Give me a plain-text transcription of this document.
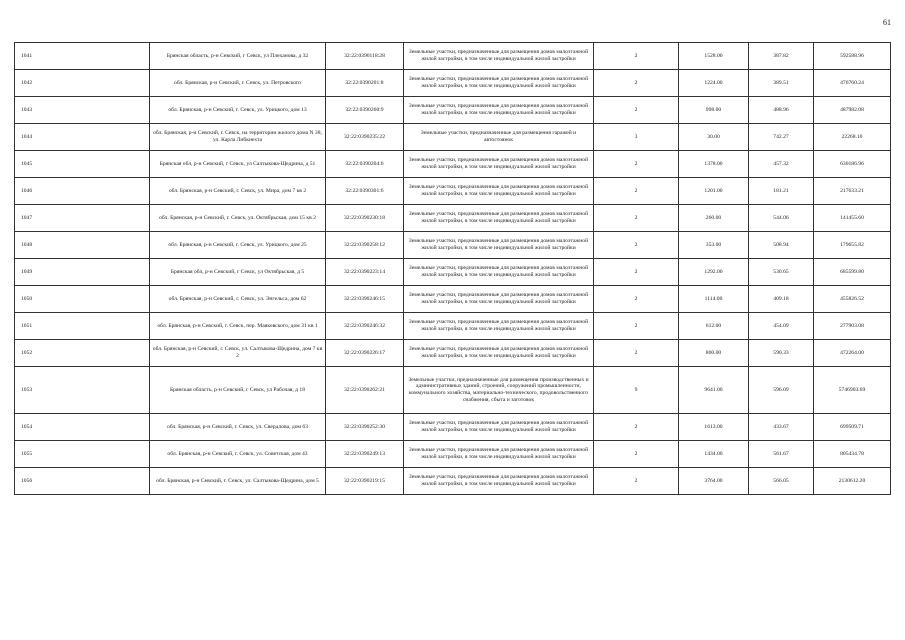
61
1041	Брянская область, р-н Севский, г Севск, ул Плеханова, д 32	32:22:0390118:28	Земельные участки, предназначенные для размещения домов малоэтажной жилой застройки, в том числе индивидуальной жилой застройки	2	1528.00	387.82	592588.96
1042	обл. Брянская, р-н Севский, г. Севск, ул. Петровского	32:22:0390201:8	Земельные участки, предназначенные для размещения домов малоэтажной жилой застройки, в том числе индивидуальной жилой застройки	2	1224.00	389.51	476760.24
1043	обл. Брянская, р-н Севский, г. Севск, ул. Урицкого, дом 13	32:22:0390260:9	Земельные участки, предназначенные для размещения домов малоэтажной жилой застройки, в том числе индивидуальной жилой застройки	2	998.00	488.96	487982.08
1044	обл. Брянская, р-н Севский, г. Севск, на территории жилого дома N 38, ул. Карла Либкнехта	32:22:0390235:22	Земельные участки, предназначенные для размещения гаражей и автостоянок	3	30.00	742.27	22268.10
1045	Брянская обл, р-н Севский, г Севск, ул Салтыкова-Щедрина, д 51	32:22:0390204:6	Земельные участки, предназначенные для размещения домов малоэтажной жилой застройки, в том числе индивидуальной жилой застройки	2	1378.00	457.32	630186.96
1046	обл. Брянская, р-н Севский, г. Севск, ул. Мира, дом 7 кв 2	32:22:0390301:6	Земельные участки, предназначенные для размещения домов малоэтажной жилой застройки, в том числе индивидуальной жилой застройки	2	1201.00	181.21	217633.21
1047	обл. Брянская, р-н Севский, г. Севск, ул. Октябрьская, дом 15 кв 2	32:22:0390230:18	Земельные участки, предназначенные для размещения домов малоэтажной жилой застройки, в том числе индивидуальной жилой застройки	2	260.00	544.06	141455.60
1048	обл. Брянская, р-н Севский, г. Севск, ул. Урицкого, дом 25	32:22:0390258:12	Земельные участки, предназначенные для размещения домов малоэтажной жилой застройки, в том числе индивидуальной жилой застройки	2	353.00	508.94	179655.82
1049	Брянская обл, р-н Севский, г Севск, ул Октябрьская, д 5	32:22:0390223:14	Земельные участки, предназначенные для размещения домов малоэтажной жилой застройки, в том числе индивидуальной жилой застройки	2	1292.00	530.65	685599.80
1050	обл. Брянская, р-н Севский, г. Севск, ул. Энгельса, дом 62	32:22:0390246:15	Земельные участки, предназначенные для размещения домов малоэтажной жилой застройки, в том числе индивидуальной жилой застройки	2	1114.00	409.18	455826.52
1051	обл. Брянская, р-н Севский, г. Севск, пер. Маяковского, дом 31 кв 1	32:22:0390246:32	Земельные участки, предназначенные для размещения домов малоэтажной жилой застройки, в том числе индивидуальной жилой застройки	2	612.00	454.09	277903.08
1052	обл. Брянская, р-н Севский, г. Севск, ул. Салтыкова-Щедрина, дом 7 кв 2	32:22:0390226:17	Земельные участки, предназначенные для размещения домов малоэтажной жилой застройки, в том числе индивидуальной жилой застройки	2	800.00	590.33	472264.00
1053	Брянская область, р-н Севский, г Севск, ул Рабочая, д 18	32:22:0390262:21	Земельные участки, предназначенные для размещения производственных и административных зданий, строений, сооружений промышленности, коммунального хозяйства, материально-технического, продовольственного снабжения, сбыта и заготовок	9	9641.00	596.09	5746903.69
1054	обл. Брянская, р-н Севский, г. Севск, ул. Свердлова, дом 63	32:22:0390252:30	Земельные участки, предназначенные для размещения домов малоэтажной жилой застройки, в том числе индивидуальной жилой застройки	2	1613.00	433.67	699509.71
1055	обл. Брянская, р-н Севский, г. Севск, ул. Советская, дом 43	32:22:0390249:13	Земельные участки, предназначенные для размещения домов малоэтажной жилой застройки, в том числе индивидуальной жилой застройки	2	1434.00	561.67	805434.78
1056	обл. Брянская, р-н Севский, г. Севск, ул. Салтыкова-Щедрина, дом 5	32:22:0390219:15	Земельные участки, предназначенные для размещения домов малоэтажной жилой застройки, в том числе индивидуальной жилой застройки	2	3764.00	566.05	2130612.20
